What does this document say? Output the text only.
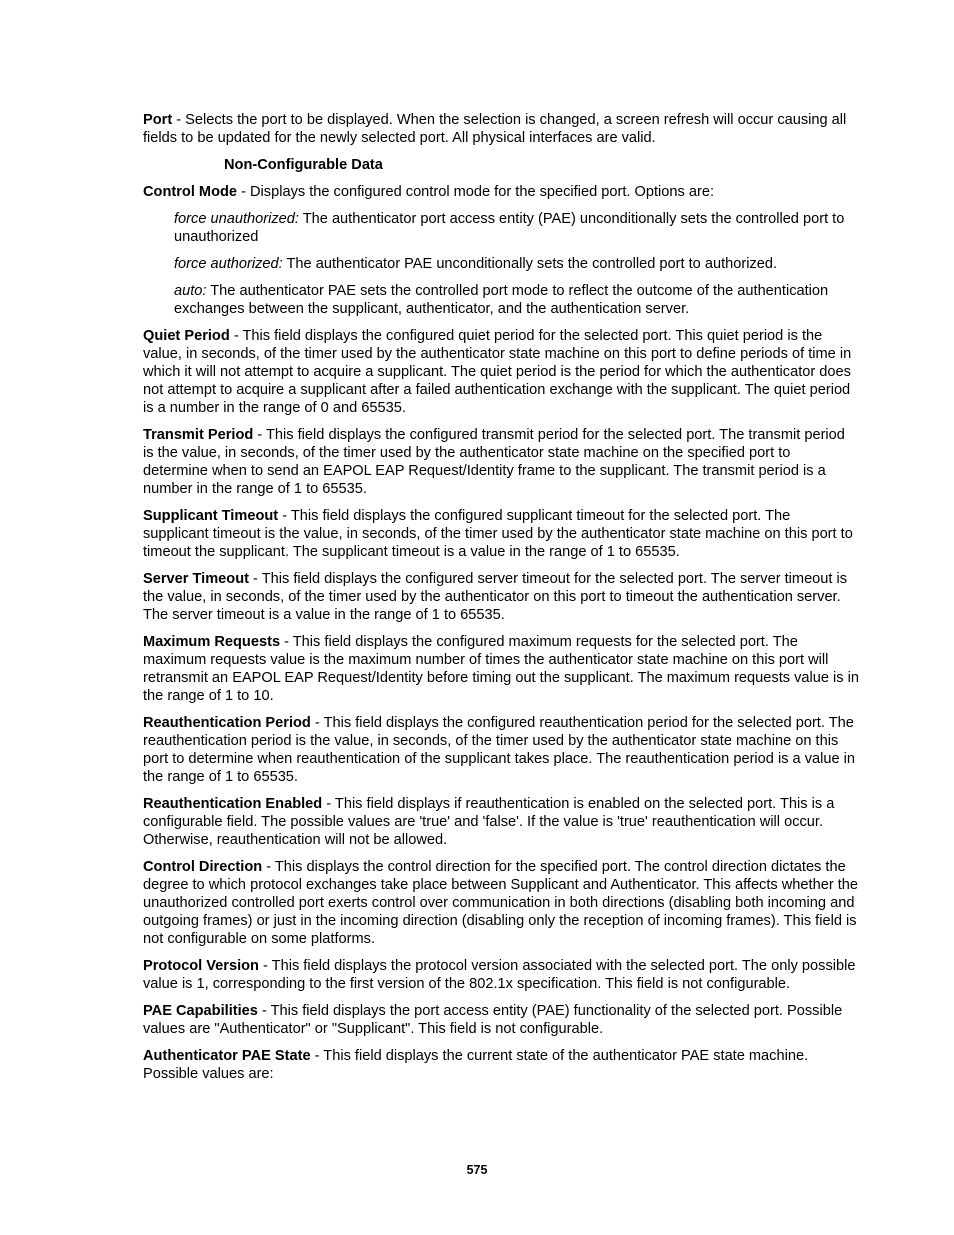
Port - Selects the port to be displayed. When the selection is changed, a screen refresh will occur causing all fields to be updated for the newly selected port. All physical interfaces are valid.

Non-Configurable Data

Control Mode - Displays the configured control mode for the specified port. Options are:

force unauthorized: The authenticator port access entity (PAE) unconditionally sets the controlled port to unauthorized

force authorized: The authenticator PAE unconditionally sets the controlled port to authorized.

auto: The authenticator PAE sets the controlled port mode to reflect the outcome of the authentication exchanges between the supplicant, authenticator, and the authentication server.

Quiet Period - This field displays the configured quiet period for the selected port. This quiet period is the value, in seconds, of the timer used by the authenticator state machine on this port to define periods of time in which it will not attempt to acquire a supplicant. The quiet period is the period for which the authenticator does not attempt to acquire a supplicant after a failed authentication exchange with the supplicant. The quiet period is a number in the range of 0 and 65535.

Transmit Period - This field displays the configured transmit period for the selected port. The transmit period is the value, in seconds, of the timer used by the authenticator state machine on the specified port to determine when to send an EAPOL EAP Request/Identity frame to the supplicant. The transmit period is a number in the range of 1 to 65535.

Supplicant Timeout - This field displays the configured supplicant timeout for the selected port. The supplicant timeout is the value, in seconds, of the timer used by the authenticator state machine on this port to timeout the supplicant. The supplicant timeout is a value in the range of 1 to 65535.

Server Timeout - This field displays the configured server timeout for the selected port. The server timeout is the value, in seconds, of the timer used by the authenticator on this port to timeout the authentication server. The server timeout is a value in the range of 1 to 65535.

Maximum Requests - This field displays the configured maximum requests for the selected port. The maximum requests value is the maximum number of times the authenticator state machine on this port will retransmit an EAPOL EAP Request/Identity before timing out the supplicant. The maximum requests value is in the range of 1 to 10.

Reauthentication Period - This field displays the configured reauthentication period for the selected port. The reauthentication period is the value, in seconds, of the timer used by the authenticator state machine on this port to determine when reauthentication of the supplicant takes place. The reauthentication period is a value in the range of 1 to 65535.

Reauthentication Enabled - This field displays if reauthentication is enabled on the selected port. This is a configurable field. The possible values are 'true' and 'false'. If the value is 'true' reauthentication will occur. Otherwise, reauthentication will not be allowed.

Control Direction - This displays the control direction for the specified port. The control direction dictates the degree to which protocol exchanges take place between Supplicant and Authenticator. This affects whether the unauthorized controlled port exerts control over communication in both directions (disabling both incoming and outgoing frames) or just in the incoming direction (disabling only the reception of incoming frames). This field is not configurable on some platforms.

Protocol Version - This field displays the protocol version associated with the selected port. The only possible value is 1, corresponding to the first version of the 802.1x specification. This field is not configurable.

PAE Capabilities - This field displays the port access entity (PAE) functionality of the selected port. Possible values are "Authenticator" or "Supplicant". This field is not configurable.

Authenticator PAE State - This field displays the current state of the authenticator PAE state machine. Possible values are:

575
